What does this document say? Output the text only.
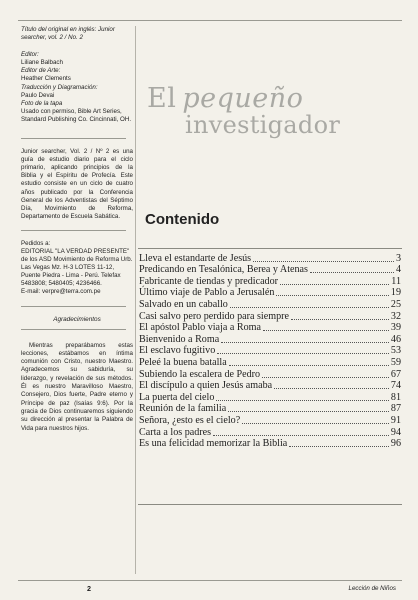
Título del original en inglés: Junior searcher, vol. 2 / No. 2
Editor:
Liliane Balbach
Editor de Arte:
Heather Clements
Traducción y Diagramación:
Paulo Devai
Foto de la tapa
Usado con permiso, Bible Art Series, Standard Publishing Co. Cincinnati, OH.
Junior searcher, Vol. 2 / Nº 2 es una guía de estudio diario para el ciclo primario, aplicando principios de la Biblia y el Espíritu de Profecía. Este estudio consiste en un ciclo de cuatro años publicado por la Conferencia General de los Adventistas del Séptimo Día, Movimiento de Reforma, Departamento de Escuela Sabática.
Pedidos a:
EDITORIAL "LA VERDAD PRESENTE" de los ASD Movimiento de Reforma Urb. Las Vegas Mz. H-3 LOTES 11-12, Puente Piedra - Lima - Perú. Telefax 5483808; 5480405; 4236466.
E-mail: verpre@terra.com.pe
Agradecimientos
Mientras preparábamos estas lecciones, estábamos en íntima comunión con Cristo, nuestro Maestro. Agradecemos su sabiduría, su liderazgo, y revelación de sus métodos. Él es nuestro Maravilloso Maestro, Consejero, Dios fuerte, Padre eterno y Príncipe de paz (Isaías 9:6). Por la gracia de Dios continuaremos siguiendo su dirección al presentar la Palabra de Vida para nuestros hijos.
El pequeño
investigador
Contenido
Lleva el estandarte de Jesús	3
Predicando en Tesalónica, Berea y Atenas	4
Fabricante de tiendas y predicador	11
Último viaje de Pablo a Jerusalén	19
Salvado en un caballo	25
Casi salvo pero perdido para siempre	32
El apóstol Pablo viaja a Roma	39
Bienvenido a Roma	46
El esclavo fugitivo	53
Peleé la buena batalla	59
Subiendo la escalera de Pedro	67
El discípulo a quien Jesús amaba	74
La puerta del cielo	81
Reunión de la familia	87
Señora, ¿esto es el cielo?	91
Carta a los padres	94
Es una felicidad memorizar la Biblia	96
2	Lección de Niños
